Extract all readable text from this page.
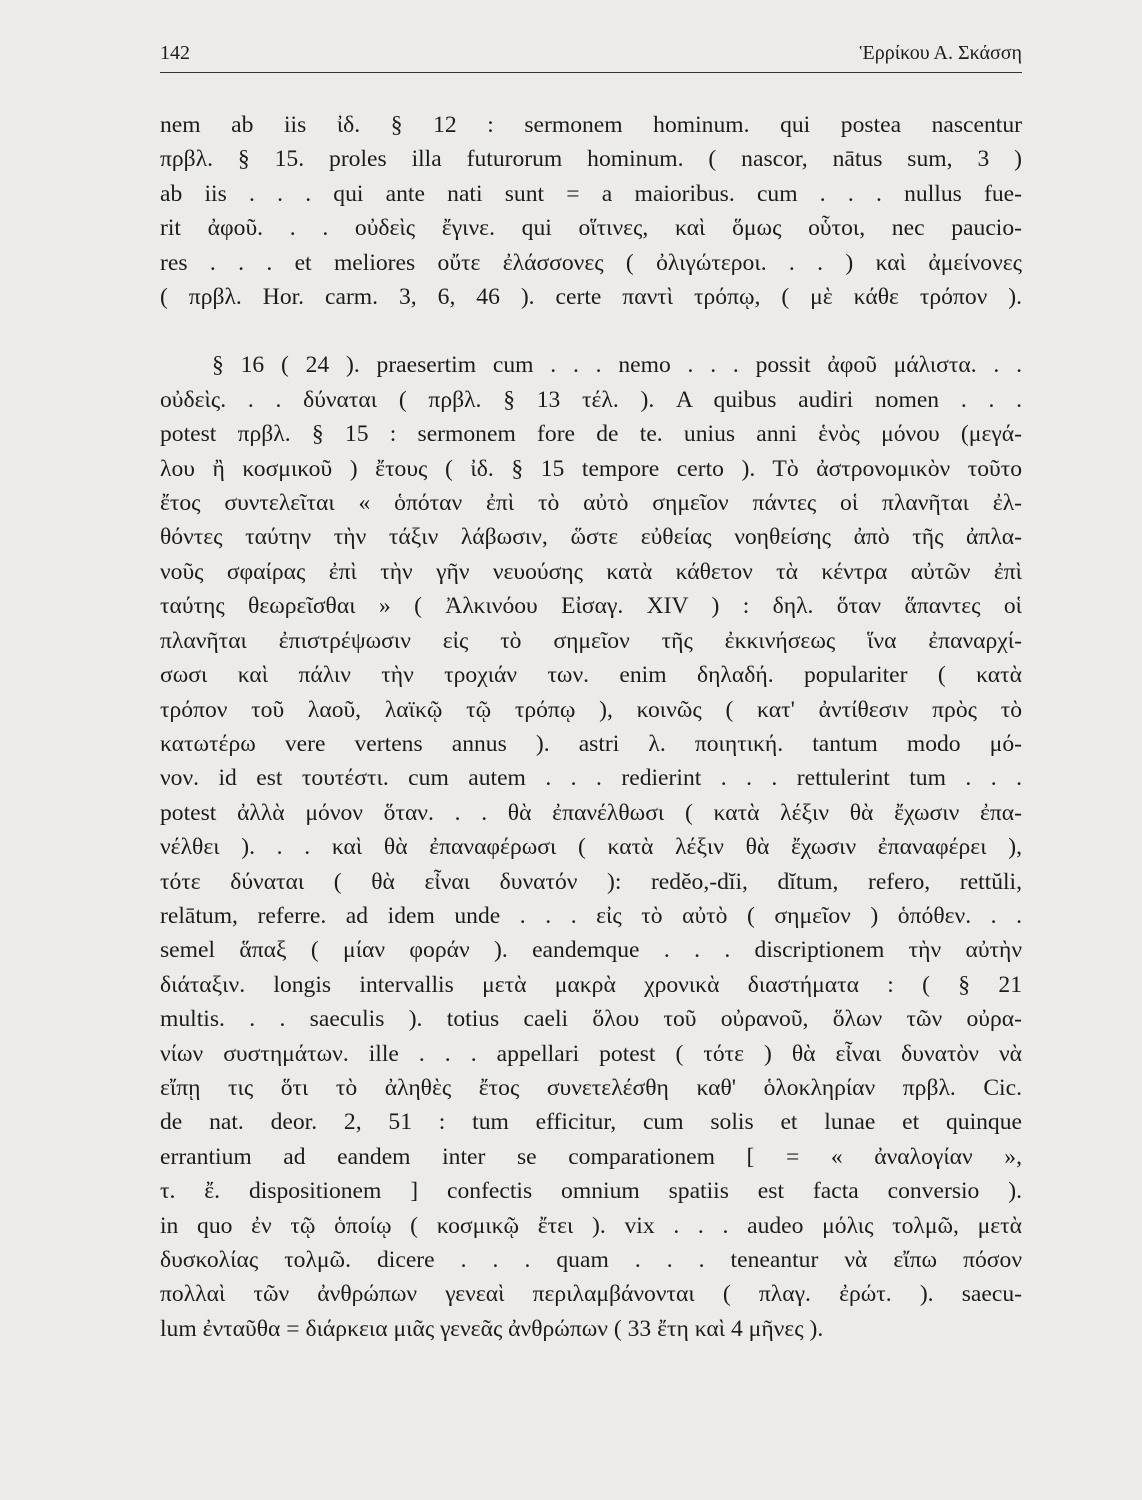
142	Ἑρρίκου Α. Σκάσση
nem ab iis ἰδ. § 12 : sermonem hominum. qui postea nascentur
πρβλ. § 15. proles illa futurorum hominum. ( nascor, nātus sum, 3 )
ab iis . . . qui ante nati sunt = a maioribus. cum . . . nullus fue-
rit ἀφοῦ. . . οὐδεὶς ἔγινε. qui οἵτινες, καὶ ὅμως οὗτοι, nec paucio-
res . . . et meliores οὔτε ἐλάσσονες ( ὀλιγώτεροι. . . ) καὶ ἀμείνονες
( πρβλ. Hor. carm. 3, 6, 46 ). certe παντὶ τρόπῳ, ( μὲ κάθε τρόπον ).
§ 16 ( 24 ). praesertim cum . . . nemo . . . possit ἀφοῦ μάλιστα. . .
οὐδεὶς. . . δύναται ( πρβλ. § 13 τέλ. ). A quibus audiri nomen . . .
potest πρβλ. § 15 : sermonem fore de te. unius anni ἑνὸς μόνου (μεγά-
λου ἢ κοσμικοῦ ) ἔτους ( ἰδ. § 15 tempore certo ). Τὸ ἀστρονομικὸν τοῦτο
ἔτος συντελεῖται « ὁπόταν ἐπὶ τὸ αὐτὸ σημεῖον πάντες οἱ πλανῆται ἐλ-
θόντες ταύτην τὴν τάξιν λάβωσιν, ὥστε εὐθείας νοηθείσης ἀπὸ τῆς ἀπλα-
νοῦς σφαίρας ἐπὶ τὴν γῆν νευούσης κατὰ κάθετον τὰ κέντρα αὐτῶν ἐπὶ
ταύτης θεωρεῖσθαι » ( Ἀλκινόου Εἰσαγ. XIV ) : δηλ. ὅταν ἅπαντες οἱ
πλανῆται ἐπιστρέψωσιν εἰς τὸ σημεῖον τῆς ἐκκινήσεως ἵνα ἐπαναρχί-
σωσι καὶ πάλιν τὴν τροχιάν των. enim δηλαδή. populariter ( κατὰ
τρόπον τοῦ λαοῦ, λαϊκῷ τῷ τρόπῳ ), κοινῶς ( κατ' ἀντίθεσιν πρὸς τὸ
κατωτέρω vere vertens annus ). astri λ. ποιητική. tantum modo μό-
νον. id est τουτέστι. cum autem . . . redierint . . . rettulerint tum . . .
potest ἀλλὰ μόνον ὅταν. . . θὰ ἐπανέλθωσι ( κατὰ λέξιν θὰ ἔχωσιν ἐπα-
νέλθει ). . . καὶ θὰ ἐπαναφέρωσι ( κατὰ λέξιν θὰ ἔχωσιν ἐπαναφέρει ),
τότε δύναται ( θὰ εἶναι δυνατόν ): redĕo,-dĭi, dĭtum, refero, rettŭli,
relātum, referre. ad idem unde . . . εἰς τὸ αὐτὸ ( σημεῖον ) ὁπόθεν. . .
semel ἅπαξ ( μίαν φοράν ). eandemque . . . discriptionem τὴν αὐτὴν
διάταξιν. longis intervallis μετὰ μακρὰ χρονικὰ διαστήματα : ( § 21
multis. . . saeculis ). totius caeli ὅλου τοῦ οὐρανοῦ, ὅλων τῶν οὐρα-
νίων συστημάτων. ille . . . appellari potest ( τότε ) θὰ εἶναι δυνατὸν νὰ
εἴπῃ τις ὅτι τὸ ἀληθὲς ἔτος συνετελέσθη καθ' ὁλοκληρίαν πρβλ. Cic.
de nat. deor. 2, 51 : tum efficitur, cum solis et lunae et quinque
errantium ad eandem inter se comparationem [ = « ἀναλογίαν »,
τ. ἔ. dispositionem ] confectis omnium spatiis est facta conversio ).
in quo ἐν τῷ ὁποίῳ ( κοσμικῷ ἔτει ). vix . . . audeo μόλις τολμῶ, μετὰ
δυσκολίας τολμῶ. dicere . . . quam . . . teneantur νὰ εἴπω πόσον
πολλαὶ τῶν ἀνθρώπων γενεαὶ περιλαμβάνονται ( πλαγ. ἐρώτ. ). saecu-
lum ἐνταῦθα = διάρκεια μιᾶς γενεᾶς ἀνθρώπων ( 33 ἔτη καὶ 4 μῆνες ).
